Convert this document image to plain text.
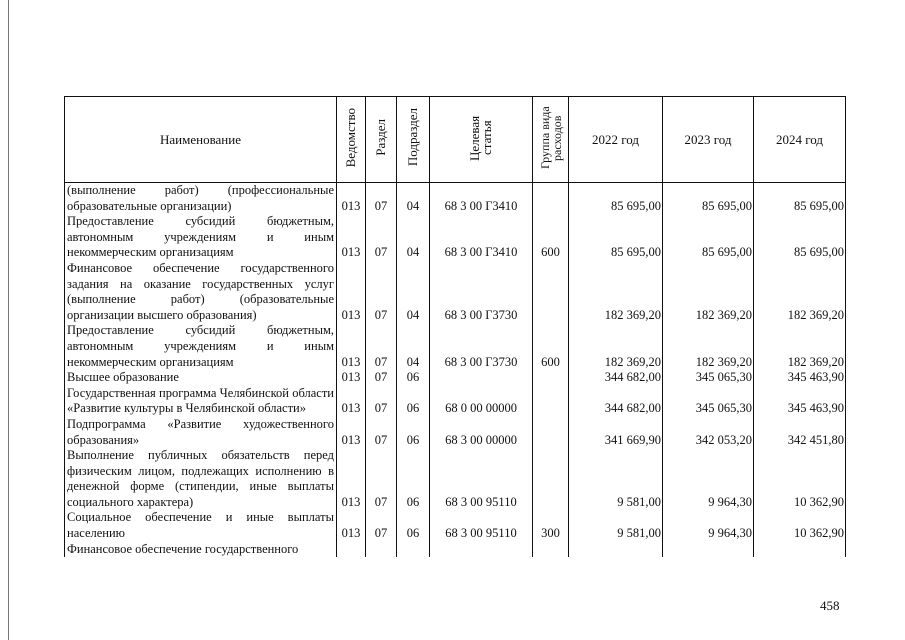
Наименование	Ведомство	Раздел	Подраздел	Целевая статья	Группа вида расходов	2022 год	2023 год	2024 год
(выполнение работ) (профессиональные образовательные организации)	013	07	04	68 3 00 Г3410		85 695,00	85 695,00	85 695,00
Предоставление субсидий бюджетным, автономным учреждениям и иным некоммерческим организациям	013	07	04	68 3 00 Г3410	600	85 695,00	85 695,00	85 695,00
Финансовое обеспечение государственного задания на оказание государственных услуг (выполнение работ) (образовательные организации высшего образования)	013	07	04	68 3 00 Г3730		182 369,20	182 369,20	182 369,20
Предоставление субсидий бюджетным, автономным учреждениям и иным некоммерческим организациям	013	07	04	68 3 00 Г3730	600	182 369,20	182 369,20	182 369,20
Высшее образование	013	07	06			344 682,00	345 065,30	345 463,90
Государственная программа Челябинской области «Развитие культуры в Челябинской области»	013	07	06	68 0 00 00000		344 682,00	345 065,30	345 463,90
Подпрограмма «Развитие художественного образования»	013	07	06	68 3 00 00000		341 669,90	342 053,20	342 451,80
Выполнение публичных обязательств перед физическим лицом, подлежащих исполнению в денежной форме (стипендии, иные выплаты социального характера)	013	07	06	68 3 00 95110		9 581,00	9 964,30	10 362,90
Социальное обеспечение и иные выплаты населению	013	07	06	68 3 00 95110	300	9 581,00	9 964,30	10 362,90
Финансовое обеспечение государственного								
458
